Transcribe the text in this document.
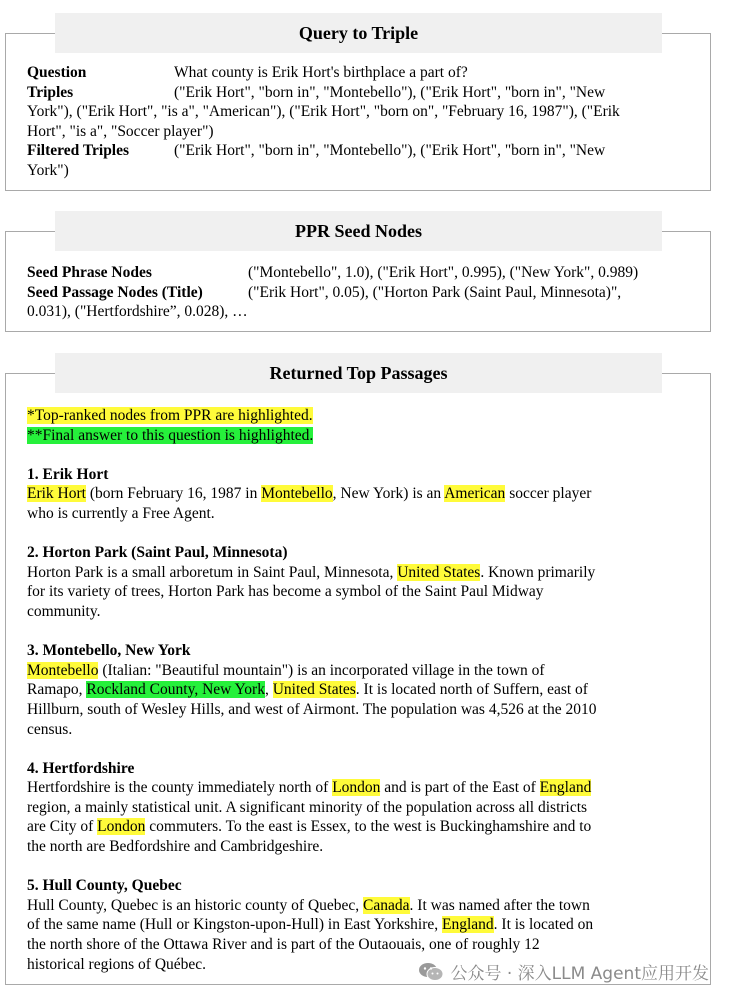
Query to Triple
Question	What county is Erik Hort's birthplace a part of?
Triples	("Erik Hort", "born in", "Montebello"), ("Erik Hort", "born in", "New
York"), ("Erik Hort", "is a", "American"), ("Erik Hort", "born on", "February 16, 1987"), ("Erik
Hort", "is a", "Soccer player")
Filtered Triples	("Erik Hort", "born in", "Montebello"), ("Erik Hort", "born in", "New
York")
PPR Seed Nodes
Seed Phrase Nodes	("Montebello", 1.0), ("Erik Hort", 0.995), ("New York", 0.989)
Seed Passage Nodes (Title)	("Erik Hort", 0.05), ("Horton Park (Saint Paul, Minnesota)",
0.031), ("Hertfordshire”, 0.028), …
Returned Top Passages
*Top-ranked nodes from PPR are highlighted.
**Final answer to this question is highlighted.
1. Erik Hort
Erik Hort (born February 16, 1987 in Montebello, New York) is an American soccer player
who is currently a Free Agent.
2. Horton Park (Saint Paul, Minnesota)
Horton Park is a small arboretum in Saint Paul, Minnesota, United States. Known primarily
for its variety of trees, Horton Park has become a symbol of the Saint Paul Midway
community.
3. Montebello, New York
Montebello (Italian: "Beautiful mountain") is an incorporated village in the town of
Ramapo, Rockland County, New York, United States. It is located north of Suffern, east of
Hillburn, south of Wesley Hills, and west of Airmont. The population was 4,526 at the 2010
census.
4. Hertfordshire
Hertfordshire is the county immediately north of London and is part of the East of England
region, a mainly statistical unit. A significant minority of the population across all districts
are City of London commuters. To the east is Essex, to the west is Buckinghamshire and to
the north are Bedfordshire and Cambridgeshire.
5. Hull County, Quebec
Hull County, Quebec is an historic county of Quebec, Canada. It was named after the town
of the same name (Hull or Kingston-upon-Hull) in East Yorkshire, England. It is located on
the north shore of the Ottawa River and is part of the Outaouais, one of roughly 12
historical regions of Québec.	公众号 · 深入LLM Agent应用开发
